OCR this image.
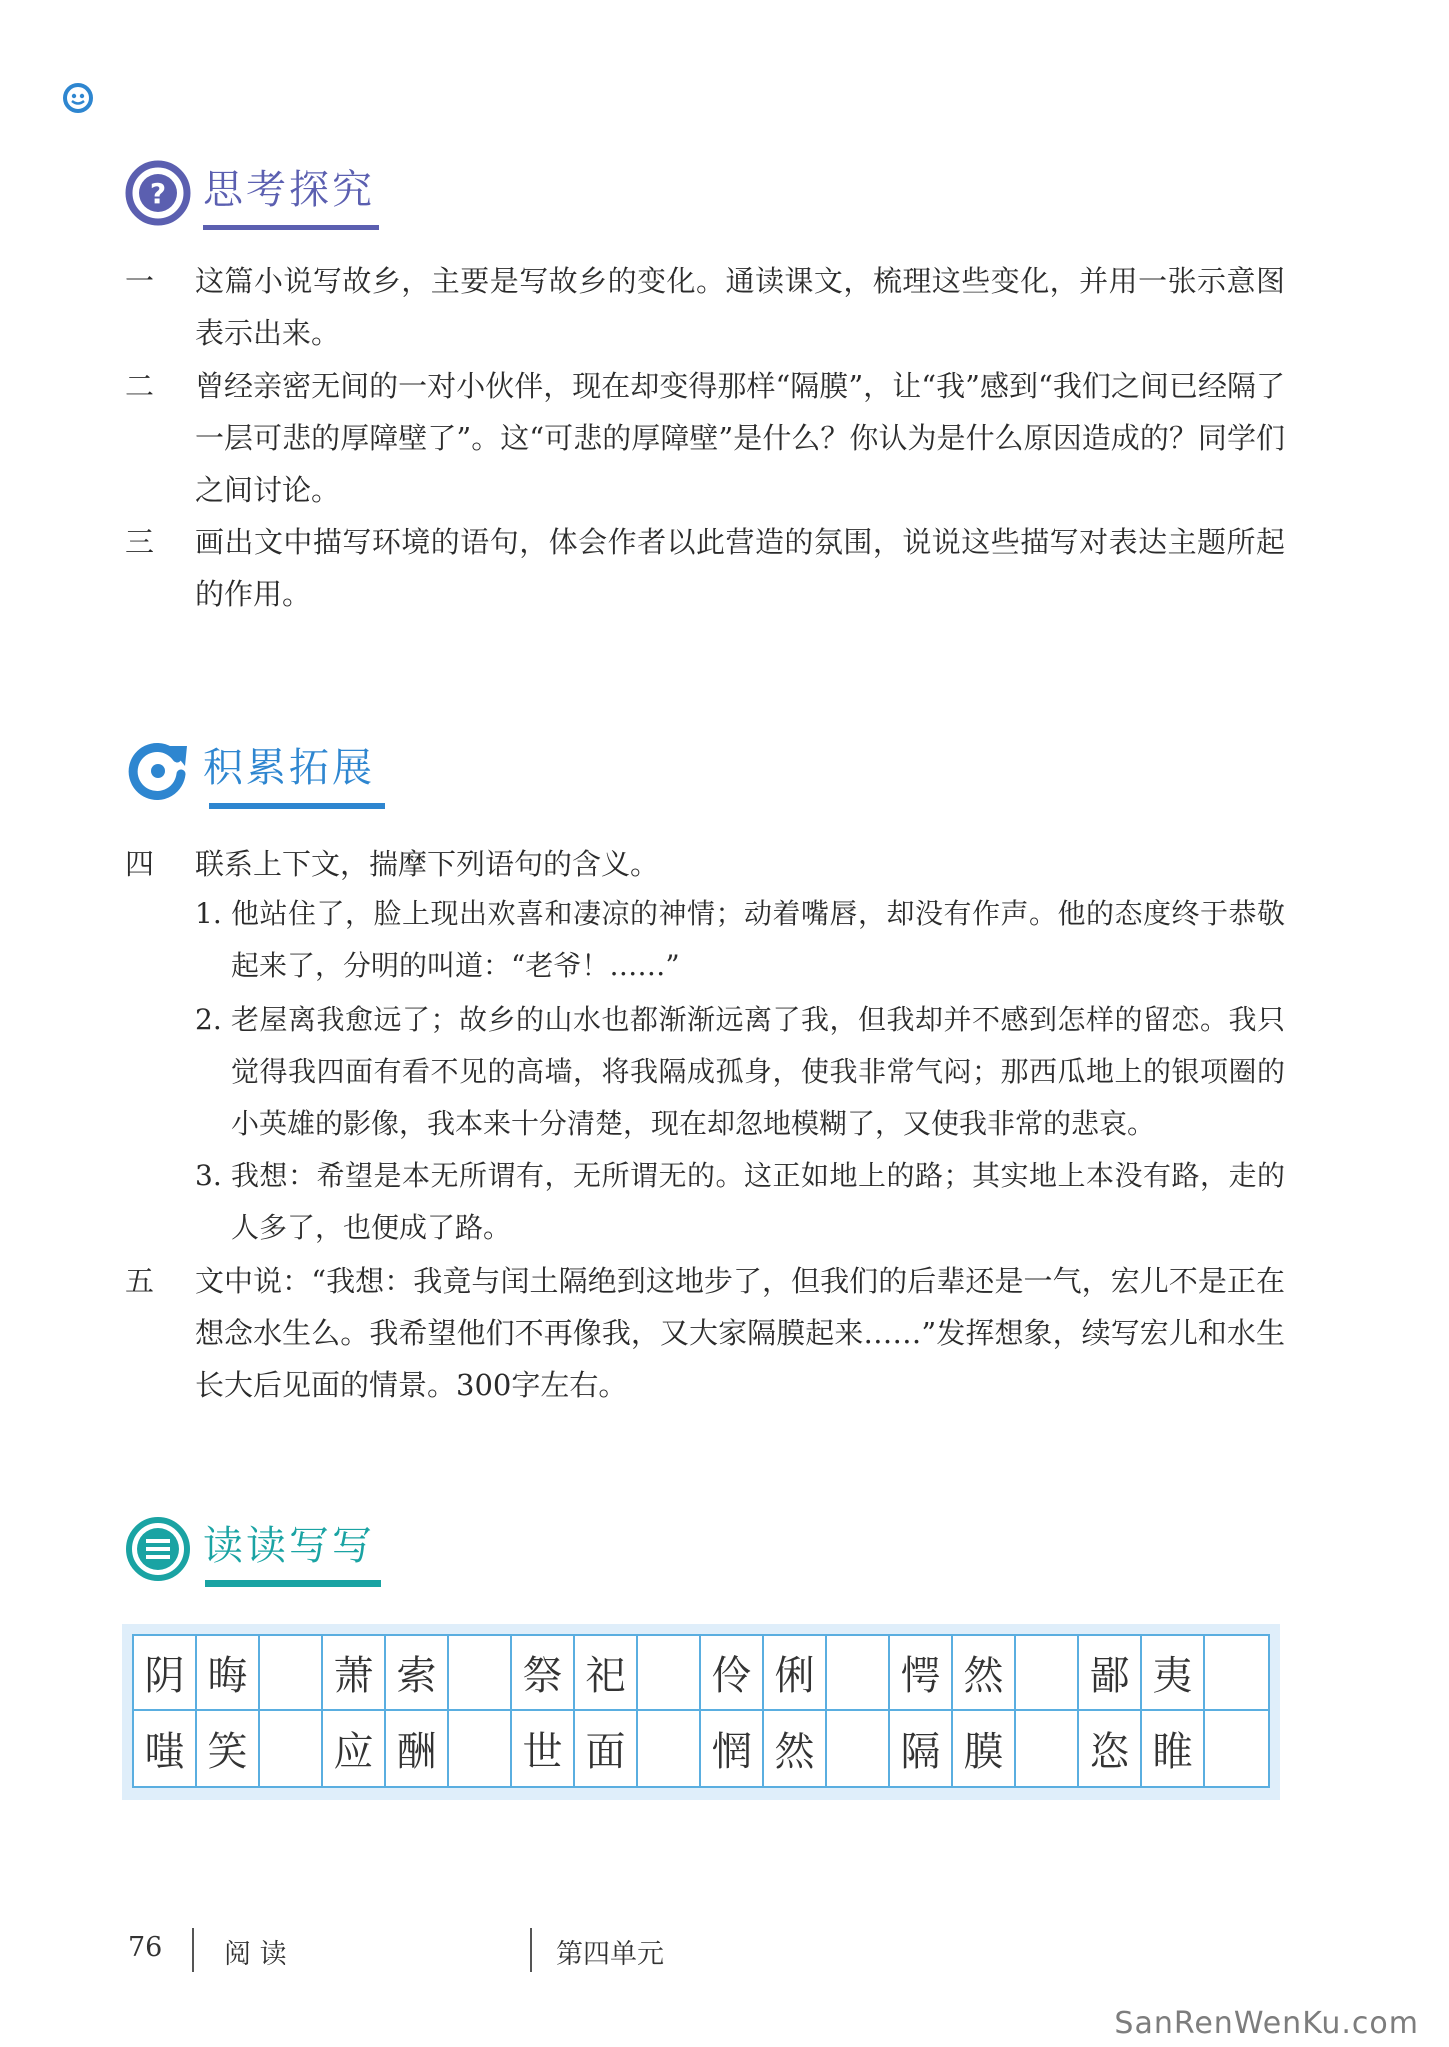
? 思考探究
一	这篇小说写故乡，主要是写故乡的变化。通读课文，梳理这些变化，并用一张示意图表示出来。
二	曾经亲密无间的一对小伙伴，现在却变得那样“隔膜”，让“我”感到“我们之间已经隔了一层可悲的厚障壁了”。这“可悲的厚障壁”是什么？你认为是什么原因造成的？同学们之间讨论。
三	画出文中描写环境的语句，体会作者以此营造的氛围，说说这些描写对表达主题所起的作用。
积累拓展
四	联系上下文，揣摩下列语句的含义。
1. 他站住了，脸上现出欢喜和凄凉的神情；动着嘴唇，却没有作声。他的态度终于恭敬起来了，分明的叫道：“老爷！……”
2. 老屋离我愈远了；故乡的山水也都渐渐远离了我，但我却并不感到怎样的留恋。我只觉得我四面有看不见的高墙，将我隔成孤身，使我非常气闷；那西瓜地上的银项圈的小英雄的影像，我本来十分清楚，现在却忽地模糊了，又使我非常的悲哀。
3. 我想：希望是本无所谓有，无所谓无的。这正如地上的路；其实地上本没有路，走的人多了，也便成了路。
五	文中说：“我想：我竟与闰土隔绝到这地步了，但我们的后辈还是一气，宏儿不是正在想念水生么。我希望他们不再像我，又大家隔膜起来……”发挥想象，续写宏儿和水生长大后见面的情景。300字左右。
读读写写
阴 晦	萧 索	祭 祀	伶 俐	愕 然	鄙 夷
嗤 笑	应 酬	世 面	惘 然	隔 膜	恣 睢
76 阅 读	第四单元
SanRenWenKu.com
